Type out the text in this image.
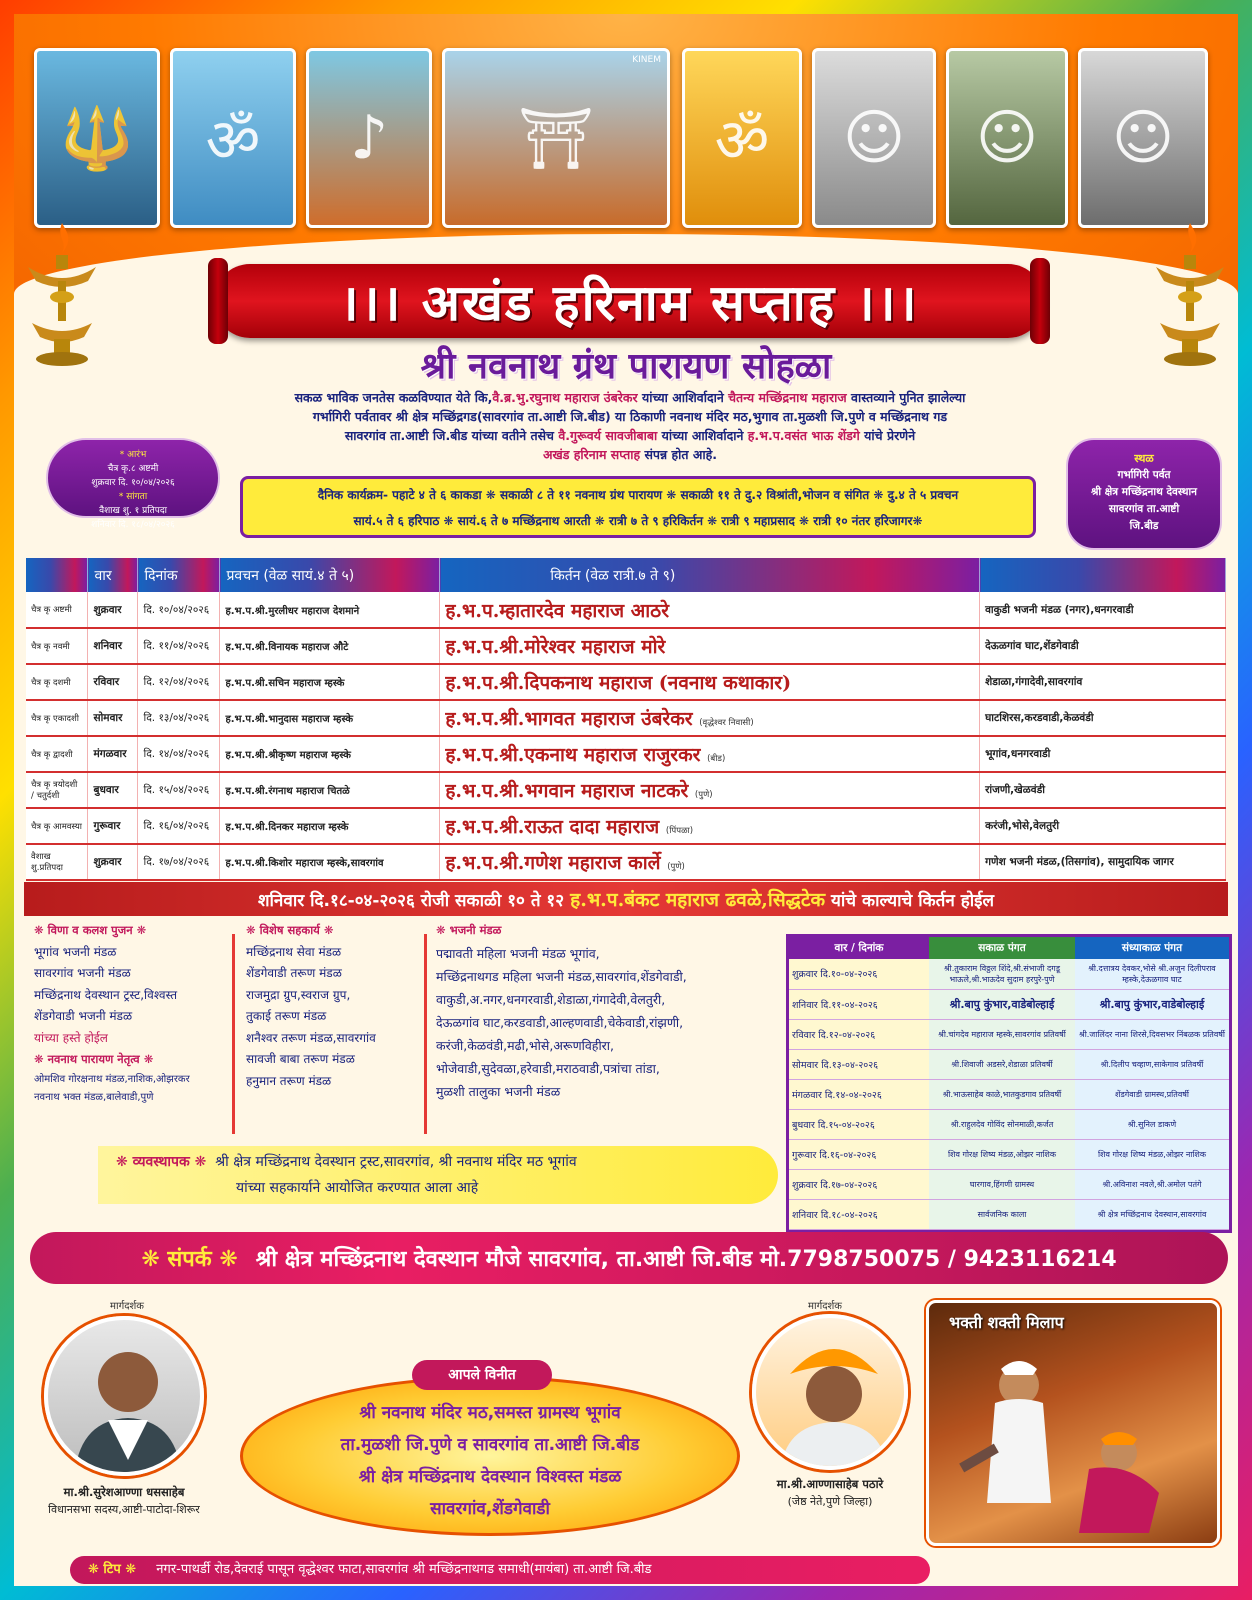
🔱	ॐ	♪	⛩
KINEM
ॐ	☺	☺	☺
।।। अखंड हरिनाम सप्ताह ।।।
श्री नवनाथ ग्रंथ पारायण सोहळा
सकळ भाविक जनतेस कळविण्यात येते कि,वै.ब्र.भु.रघुनाथ महाराज उंबरेकर यांच्या आशिर्वादाने चैतन्य मच्छिंद्रनाथ महाराज वास्तव्याने पुनित झालेल्या
गर्भागिरी पर्वतावर श्री क्षेत्र मच्छिंद्रगड(सावरगांव ता.आष्टी जि.बीड) या ठिकाणी नवनाथ मंदिर मठ,भुगाव ता.मुळशी जि.पुणे व मच्छिंद्रनाथ गड
सावरगांव ता.आष्टी जि.बीड यांच्या वतीने तसेच वै.गुरूवर्य सावजीबाबा यांच्या आशिर्वादाने ह.भ.प.वसंत भाऊ शेंडगे यांचे प्रेरणेने
अखंड हरिनाम सप्ताह संपन्न होत आहे.
* आरंभ
चैत्र कृ.८ अष्टमी
शुक्रवार दि. १०/०४/२०२६
* सांगता
वैशाख शु. १ प्रतिपदा
शनिवार दि. १८/०४/२०२६
स्थळ
गर्भागिरी पर्वत
श्री क्षेत्र मच्छिंद्रनाथ देवस्थान
सावरगांव ता.आष्टी
जि.बीड
दैनिक कार्यक्रम- पहाटे ४ ते ६ काकडा ❋ सकाळी ८ ते ११ नवनाथ ग्रंथ पारायण ❋ सकाळी ११ ते दु.२ विश्रांती,भोजन व संगित ❋ दु.४ ते ५ प्रवचन
सायं.५ ते ६ हरिपाठ ❋ सायं.६ ते ७ मच्छिंद्रनाथ आरती ❋ रात्री ७ ते ९ हरिकिर्तन ❋ रात्री ९ महाप्रसाद ❋ रात्री १० नंतर हरिजागर❋
	वार	दिनांक	प्रवचन (वेळ सायं.४ ते ५)	किर्तन (वेळ रात्री.७ ते ९)	
चैत्र कृ अष्टमी	शुक्रवार	दि. १०/०४/२०२६	ह.भ.प.श्री.मुरलीधर महाराज देशमाने	ह.भ.प.म्हातारदेव महाराज आठरे	वाकुडी भजनी मंडळ (नगर),धनगरवाडी
चैत्र कृ नवमी	शनिवार	दि. ११/०४/२०२६	ह.भ.प.श्री.विनायक महाराज औटे	ह.भ.प.श्री.मोरेश्वर महाराज मोरे	देऊळगांव घाट,शेंडगेवाडी
चैत्र कृ दशमी	रविवार	दि. १२/०४/२०२६	ह.भ.प.श्री.सचिन महाराज म्हस्के	ह.भ.प.श्री.दिपकनाथ महाराज (नवनाथ कथाकार)	शेडाळा,गंगादेवी,सावरगांव
चैत्र कृ एकादशी	सोमवार	दि. १३/०४/२०२६	ह.भ.प.श्री.भानुदास महाराज म्हस्के	ह.भ.प.श्री.भागवत महाराज उंबरेकर (वृद्धेश्वर निवासी)	घाटशिरस,करडवाडी,केळवंडी
चैत्र कृ द्वादशी	मंगळवार	दि. १४/०४/२०२६	ह.भ.प.श्री.श्रीकृष्ण महाराज म्हस्के	ह.भ.प.श्री.एकनाथ महाराज राजुरकर (बीड)	भूगांव,धनगरवाडी
चैत्र कृ त्रयोदशी / चतुर्दशी	बुधवार	दि. १५/०४/२०२६	ह.भ.प.श्री.रंगनाथ महाराज चितळे	ह.भ.प.श्री.भगवान महाराज नाटकरे (पुणे)	रांजणी,खेळवंडी
चैत्र कृ आमवस्या	गुरूवार	दि. १६/०४/२०२६	ह.भ.प.श्री.दिनकर महाराज म्हस्के	ह.भ.प.श्री.राऊत दादा महाराज (पिंपळा)	करंजी,भोसे,वेलतुरी
वैशाख शु.प्रतिपदा	शुक्रवार	दि. १७/०४/२०२६	ह.भ.प.श्री.किशोर महाराज म्हस्के,सावरगांव	ह.भ.प.श्री.गणेश महाराज कार्ले (पुणे)	गणेश भजनी मंडळ,(तिसगांव), सामुदायिक जागर
शनिवार दि.१८-०४-२०२६ रोजी सकाळी १० ते १२ ह.भ.प.बंकट महाराज ढवळे,सिद्धटेक यांचे काल्याचे किर्तन होईल
❋ विणा व कलश पुजन ❋
भूगांव भजनी मंडळ
सावरगांव भजनी मंडळ
मच्छिंद्रनाथ देवस्थान ट्रस्ट,विश्वस्त
शेंडगेवाडी भजनी मंडळ
यांच्या हस्ते होईल
❋ नवनाथ पारायण नेतृत्व ❋
ओमशिव गोरक्षनाथ मंडळ,नाशिक,ओझरकर
नवनाथ भक्त मंडळ,बालेवाडी,पुणे
❋ विशेष सहकार्य ❋
मच्छिंद्रनाथ सेवा मंडळ
शेंडगेवाडी तरूण मंडळ
राजमुद्रा ग्रुप,स्वराज ग्रुप,
तुकाई तरूण मंडळ
शनैश्वर तरूण मंडळ,सावरगांव
सावजी बाबा तरूण मंडळ
हनुमान तरूण मंडळ
❋ भजनी मंडळ
पद्मावती महिला भजनी मंडळ भूगांव,
मच्छिंद्रनाथगड महिला भजनी मंडळ,सावरगांव,शेंडगेवाडी,
वाकुडी,अ.नगर,धनगरवाडी,शेडाळा,गंगादेवी,वेलतुरी,
देऊळगांव घाट,करडवाडी,आल्हणवाडी,चेकेवाडी,रांझणी,
करंजी,केळवंडी,मढी,भोसे,अरूणविहीरा,
भोजेवाडी,सुदेवळा,हरेवाडी,मराठवाडी,पत्रांचा तांडा,
मुळशी तालुका भजनी मंडळ
❋ व्यवस्थापक ❋ श्री क्षेत्र मच्छिंद्रनाथ देवस्थान ट्रस्ट,सावरगांव, श्री नवनाथ मंदिर मठ भूगांव
यांच्या सहकार्याने आयोजित करण्यात आला आहे
वार / दिनांक	सकाळ पंगत	संध्याकाळ पंगत
शुक्रवार दि.१०-०४-२०२६	श्री.तुकाराम विठ्ठल शिंदे,श्री.संभाजी दगडू भाऊले,श्री.भाऊदेव सुदाम हरपुरे-पुणे	श्री.दत्तात्रय देवकर,भोसे श्री.अजुन दिलीपराव म्हस्के,देऊळगाव घाट
शनिवार दि.११-०४-२०२६	श्री.बापु कुंभार,वाडेबोल्हाई	श्री.बापु कुंभार,वाडेबोल्हाई
रविवार दि.१२-०४-२०२६	श्री.चांगदेव महाराज म्हस्के,सावरगांव प्रतिवर्षी	श्री.जालिंदर नाना शिरसे,दिवसभर निंबळक प्रतिवर्षी
सोमवार दि.१३-०४-२०२६	श्री.शिवाजी अडसरे,शेडाळा प्रतिवर्षी	श्री.दिलीप चव्हाण,साकेगाव प्रतिवर्षी
मंगळवार दि.१४-०४-२०२६	श्री.भाऊसाहेब काळे,भातकुडगाव प्रतिवर्षी	शेंडगेवाडी ग्रामस्थ,प्रतिवर्षी
बुधवार दि.१५-०४-२०२६	श्री.राहुलदेव गोविंद सोनमाळी,कर्जत	श्री.सुनिल डाकणे
गुरूवार दि.१६-०४-२०२६	शिव गोरक्ष शिष्य मंडळ,ओझर नाशिक	शिव गोरक्ष शिष्य मंडळ,ओझर नाशिक
शुक्रवार दि.१७-०४-२०२६	घारगाव,हिंगणी ग्रामस्थ	श्री.अविनाश नवले,श्री.अमोल पतंगे
शनिवार दि.१८-०४-२०२६	सार्वजनिक काला	श्री क्षेत्र मच्छिंद्रनाथ देवस्थान,सावरगांव
❋ संपर्क ❋ श्री क्षेत्र मच्छिंद्रनाथ देवस्थान मौजे सावरगांव, ता.आष्टी जि.बीड मो.7798750075 / 9423116214
मार्गदर्शक
मा.श्री.सुरेशआण्णा धससाहेब
विधानसभा सदस्य,आष्टी-पाटोदा-शिरूर
श्री नवनाथ मंदिर मठ,समस्त ग्रामस्थ भूगांव
ता.मुळशी जि.पुणे व सावरगांव ता.आष्टी जि.बीड
श्री क्षेत्र मच्छिंद्रनाथ देवस्थान विश्वस्त मंडळ
सावरगांव,शेंडगेवाडी
आपले विनीत
मार्गदर्शक
मा.श्री.आण्णासाहेब पठारे
(जेष्ठ नेते,पुणे जिल्हा)
भक्ती शक्ती मिलाप
❋ टिप ❋ नगर-पाथर्डी रोड,देवराई पासून वृद्धेश्वर फाटा,सावरगांव श्री मच्छिंद्रनाथगड समाधी(मायंबा) ता.आष्टी जि.बीड
